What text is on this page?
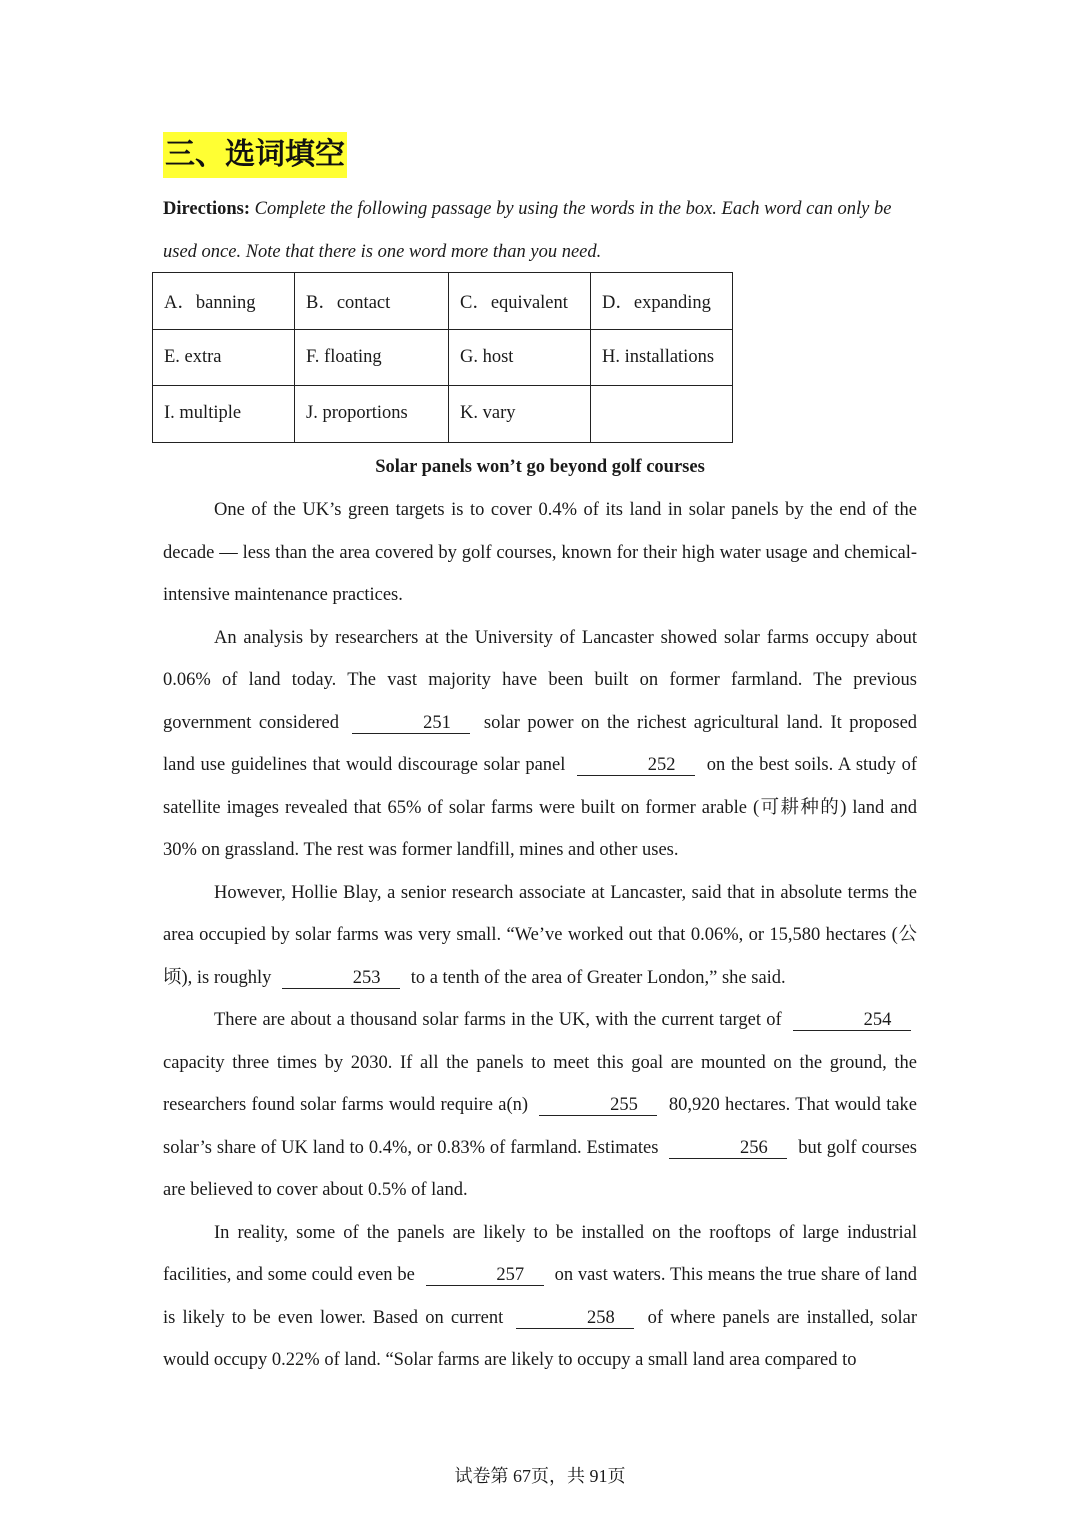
三、选词填空
Directions: Complete the following passage by using the words in the box. Each word can only be used once. Note that there is one word more than you need.
A．banning	B．contact	C．equivalent	D．expanding
E. extra	F. floating	G. host	H. installations
I. multiple	J. proportions	K. vary	
Solar panels won’t go beyond golf courses

One of the UK’s green targets is to cover 0.4% of its land in solar panels by the end of the decade — less than the area covered by golf courses, known for their high water usage and chemical-intensive maintenance practices.

An analysis by researchers at the University of Lancaster showed solar farms occupy about 0.06% of land today. The vast majority have been built on former farmland. The previous government considered	251 solar power on the richest agricultural land. It proposed land use guidelines that would discourage solar panel	252 on the best soils. A study of satellite images revealed that 65% of solar farms were built on former arable (可耕种的) land and 30% on grassland. The rest was former landfill, mines and other uses.

However, Hollie Blay, a senior research associate at Lancaster, said that in absolute terms the area occupied by solar farms was very small. “We’ve worked out that 0.06%, or 15,580 hectares (公顷), is roughly	253 to a tenth of the area of Greater London,” she said.

There are about a thousand solar farms in the UK, with the current target of	254 capacity three times by 2030. If all the panels to meet this goal are mounted on the ground, the researchers found solar farms would require a(n)	255 80,920 hectares. That would take solar’s share of UK land to 0.4%, or 0.83% of farmland. Estimates	256 but golf courses are believed to cover about 0.5% of land.

In reality, some of the panels are likely to be installed on the rooftops of large industrial facilities, and some could even be	257 on vast waters. This means the true share of land is likely to be even lower. Based on current	258 of where panels are installed, solar would occupy 0.22% of land. “Solar farms are likely to occupy a small land area compared to

试卷第 67页，共 91页
